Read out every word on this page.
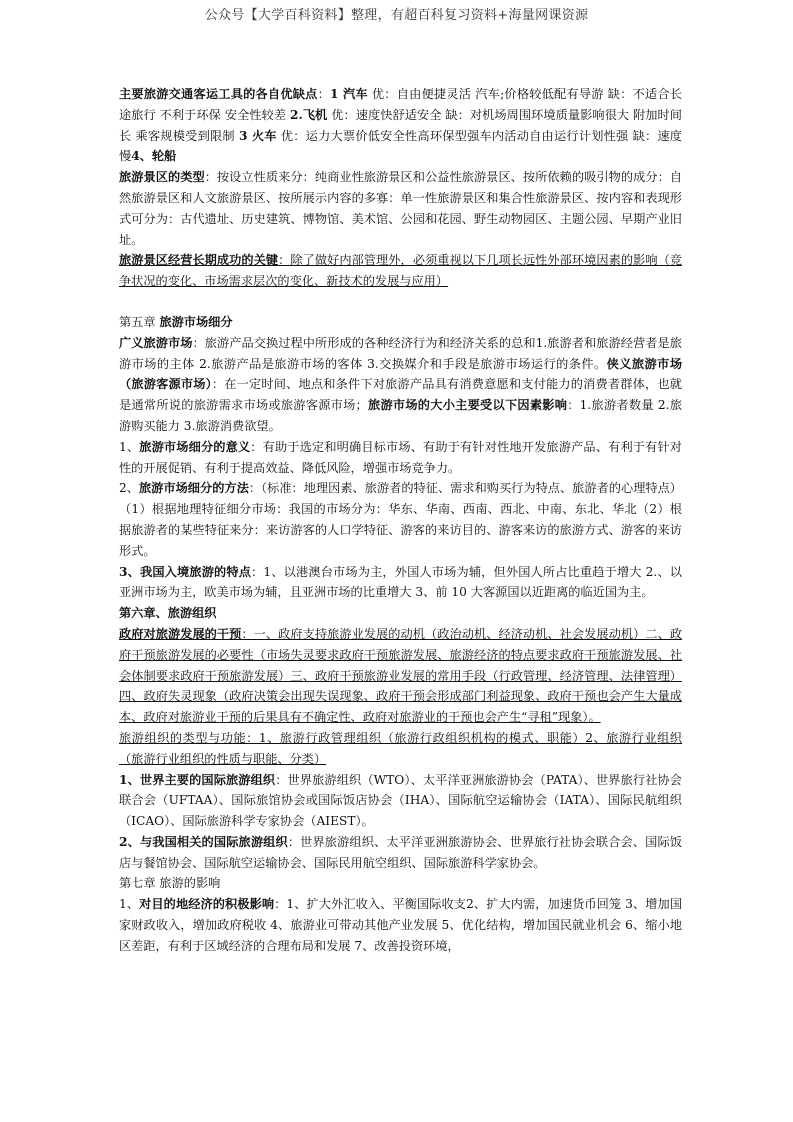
公众号【大学百科资料】整理，有超百科复习资料+海量网课资源

主要旅游交通客运工具的各自优缺点：1 汽车 优：自由便捷灵活 汽车;价格较低配有导游 缺：不适合长途旅行 不利于环保 安全性较差 2.飞机 优：速度快舒适安全 缺：对机场周围环境质量影响很大 附加时间长 乘客规模受到限制 3 火车 优：运力大票价低安全性高环保型强车内活动自由运行计划性强 缺：速度慢4、轮船

旅游景区的类型：按设立性质来分：纯商业性旅游景区和公益性旅游景区、按所依赖的吸引物的成分：自然旅游景区和人文旅游景区、按所展示内容的多寡：单一性旅游景区和集合性旅游景区、按内容和表现形式可分为：古代遗址、历史建筑、博物馆、美术馆、公园和花园、野生动物园区、主题公园、早期产业旧址。

旅游景区经营长期成功的关键：除了做好内部管理外，必须重视以下几项长远性外部环境因素的影响（竞争状况的变化、市场需求层次的变化、新技术的发展与应用）

第五章 旅游市场细分

广义旅游市场：旅游产品交换过程中所形成的各种经济行为和经济关系的总和1.旅游者和旅游经营者是旅游市场的主体 2.旅游产品是旅游市场的客体 3.交换媒介和手段是旅游市场运行的条件。侠义旅游市场（旅游客源市场）：在一定时间、地点和条件下对旅游产品具有消费意愿和支付能力的消费者群体，也就是通常所说的旅游需求市场或旅游客源市场；旅游市场的大小主要受以下因素影响：1.旅游者数量 2.旅游购买能力 3.旅游消费欲望。

1、旅游市场细分的意义：有助于选定和明确目标市场、有助于有针对性地开发旅游产品、有利于有针对性的开展促销、有利于提高效益、降低风险，增强市场竞争力。

2、旅游市场细分的方法：（标准：地理因素、旅游者的特征、需求和购买行为特点、旅游者的心理特点）（1）根据地理特征细分市场：我国的市场分为：华东、华南、西南、西北、中南、东北、华北（2）根据旅游者的某些特征来分：来访游客的人口学特征、游客的来访目的、游客来访的旅游方式、游客的来访形式。

3、我国入境旅游的特点：1、以港澳台市场为主，外国人市场为辅，但外国人所占比重趋于增大 2.、以亚洲市场为主，欧美市场为辅，且亚洲市场的比重增大 3、前 10 大客源国以近距离的临近国为主。

第六章、旅游组织

政府对旅游发展的干预：一、政府支持旅游业发展的动机（政治动机、经济动机、社会发展动机）二、政府干预旅游发展的必要性（市场失灵要求政府干预旅游发展、旅游经济的特点要求政府干预旅游发展、社会体制要求政府干预旅游发展）三、政府干预旅游业发展的常用手段（行政管理、经济管理、法律管理）四、政府失灵现象（政府决策会出现失误现象、政府干预会形成部门利益现象、政府干预也会产生大量成本、政府对旅游业干预的后果具有不确定性、政府对旅游业的干预也会产生“寻租”现象）。

旅游组织的类型与功能：1、旅游行政管理组织（旅游行政组织机构的模式、职能）2、旅游行业组织（旅游行业组织的性质与职能、分类）

1、世界主要的国际旅游组织：世界旅游组织（WTO）、太平洋亚洲旅游协会（PATA）、世界旅行社协会联合会（UFTAA）、国际旅馆协会或国际饭店协会（IHA）、国际航空运输协会（IATA）、国际民航组织（ICAO）、国际旅游科学专家协会（AIEST）。

2、与我国相关的国际旅游组织：世界旅游组织、太平洋亚洲旅游协会、世界旅行社协会联合会、国际饭店与餐馆协会、国际航空运输协会、国际民用航空组织、国际旅游科学家协会。

第七章 旅游的影响

1、对目的地经济的积极影响：1、扩大外汇收入、平衡国际收支2、扩大内需，加速货币回笼 3、增加国家财政收入，增加政府税收 4、旅游业可带动其他产业发展 5、优化结构，增加国民就业机会 6、缩小地区差距，有利于区域经济的合理布局和发展 7、改善投资环境，
